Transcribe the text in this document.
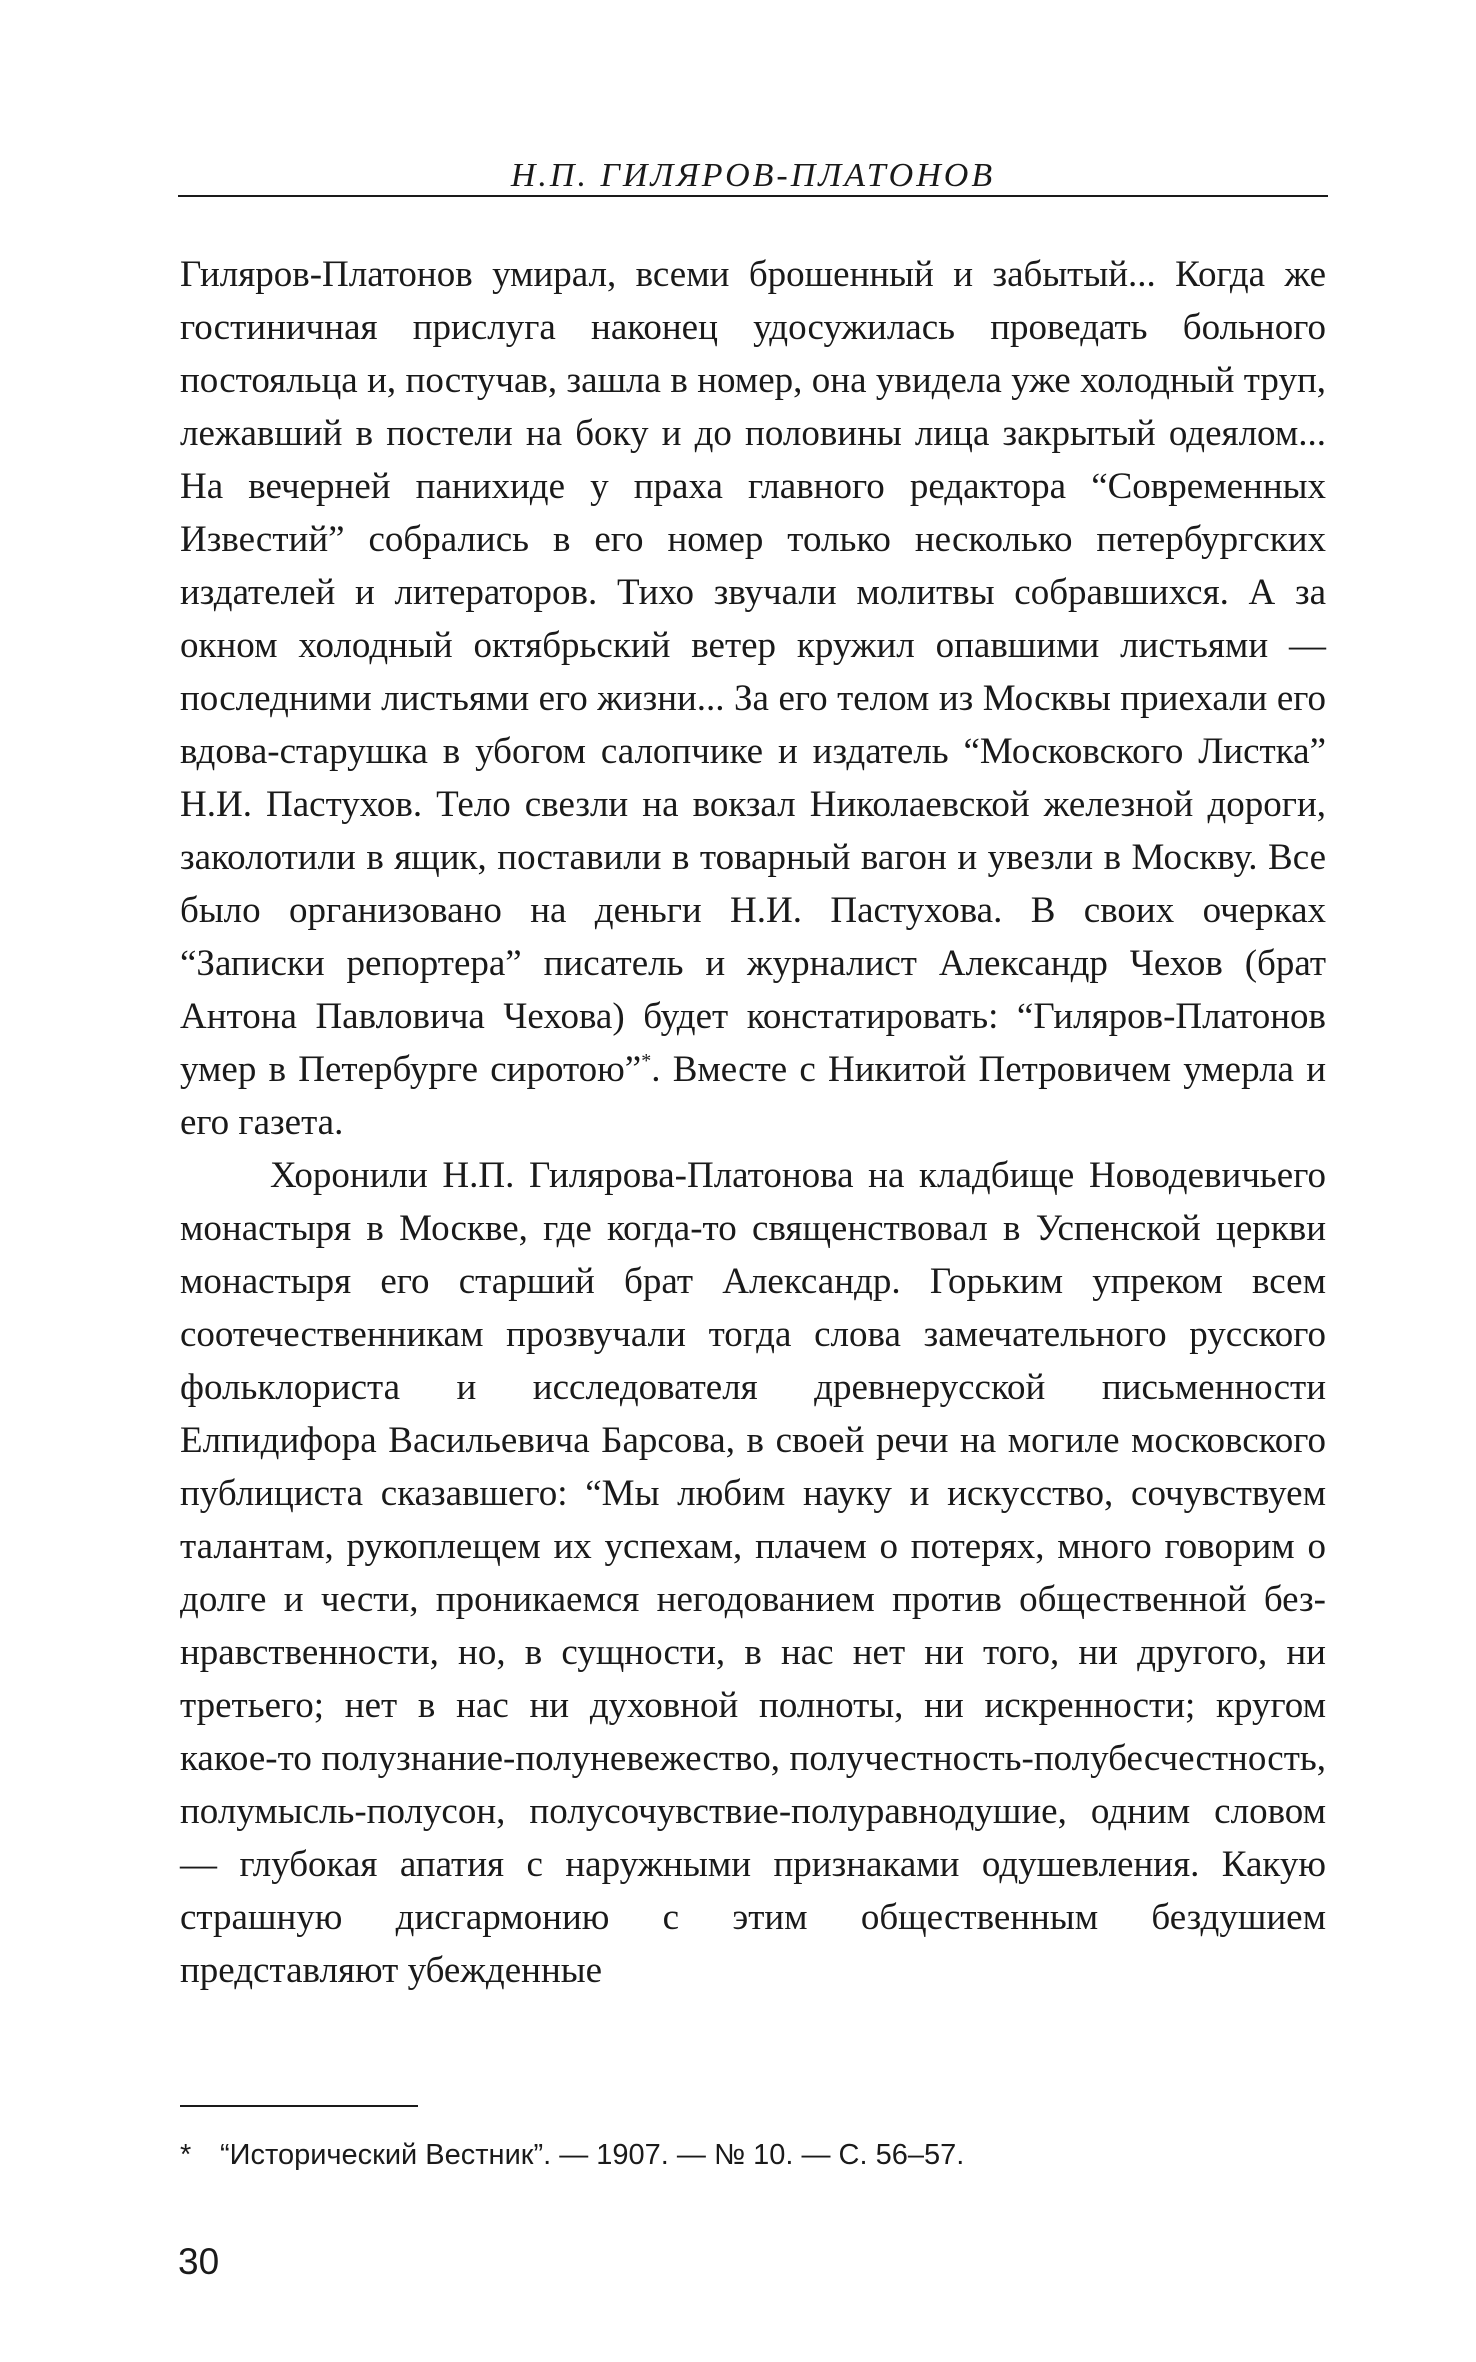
Н.П. ГИЛЯРОВ-ПЛАТОНОВ

Гиляров-Платонов умирал, всеми брошенный и забытый... Когда же гостиничная прислуга наконец удосужилась проведать больного постояльца и, постучав, зашла в номер, она увидела уже холодный труп, лежавший в постели на боку и до половины лица закрытый одеялом... На вечерней панихиде у праха главного редактора “Современных Известий” собрались в его номер только несколько петербургских издателей и литераторов. Тихо звучали молитвы собравшихся. А за окном холодный октябрьский ветер кружил опавшими листьями — последними листьями его жизни... За его телом из Москвы приехали его вдова-старушка в убогом салопчике и издатель “Московского Листка” Н.И. Пастухов. Тело свезли на вокзал Николаевской железной дороги, заколотили в ящик, поставили в товарный вагон и увезли в Москву. Все было организовано на деньги Н.И. Пастухова. В своих очерках “Записки репортера” писатель и журналист Александр Чехов (брат Антона Павловича Чехова) будет констатировать: “Гиляров-Платонов умер в Петербурге сиротою”*. Вместе с Никитой Петровичем умерла и его газета.

Хоронили Н.П. Гилярова-Платонова на кладбище Новодевичьего монастыря в Москве, где когда-то священствовал в Успенской церкви монастыря его старший брат Александр. Горьким упреком всем соотечественникам прозвучали тогда слова замечательного русского фольклориста и исследователя древнерусской письменности Елпидифора Васильевича Барсова, в своей речи на могиле московского публициста сказавшего: “Мы любим науку и искусство, сочувствуем талантам, рукоплещем их успехам, плачем о потерях, много говорим о долге и чести, проникаемся негодованием против общественной безнравственности, но, в сущности, в нас нет ни того, ни другого, ни третьего; нет в нас ни духовной полноты, ни искренности; кругом какое-то полузнание-полуневежество, получестность-полубесчестность, полумысль-полусон, полусочувствие-полуравнодушие, одним словом — глубокая апатия с наружными признаками одушевления. Какую страшную дисгармонию с этим общественным бездушием представляют убежденные

* “Исторический Вестник”. — 1907. — № 10. — С. 56–57.
30
